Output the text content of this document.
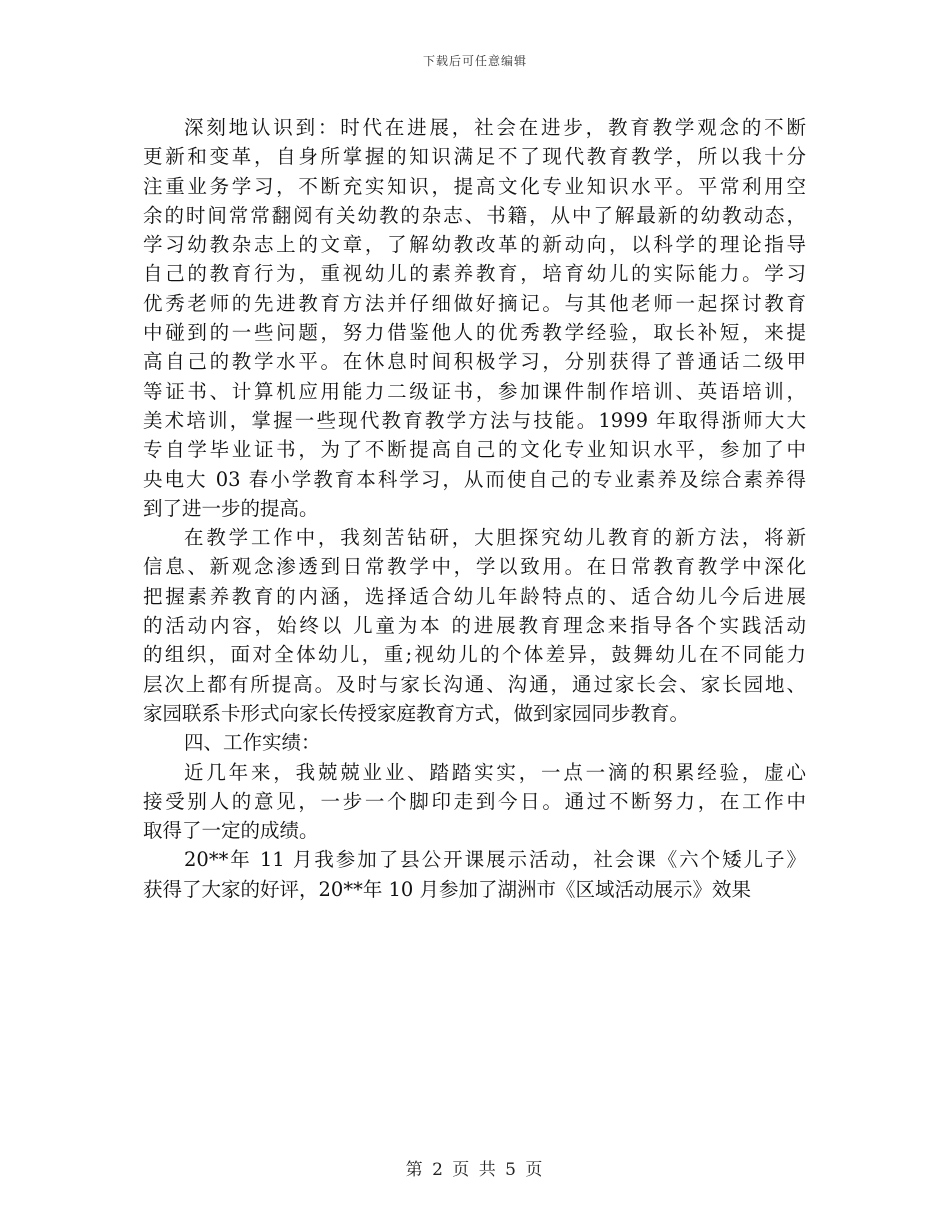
下载后可任意编辑
深刻地认识到：时代在进展，社会在进步，教育教学观念的不断
更新和变革，自身所掌握的知识满足不了现代教育教学，所以我十分
注重业务学习，不断充实知识，提高文化专业知识水平。平常利用空
余的时间常常翻阅有关幼教的杂志、书籍，从中了解最新的幼教动态，
学习幼教杂志上的文章，了解幼教改革的新动向，以科学的理论指导
自己的教育行为，重视幼儿的素养教育，培育幼儿的实际能力。学习
优秀老师的先进教育方法并仔细做好摘记。与其他老师一起探讨教育
中碰到的一些问题，努力借鉴他人的优秀教学经验，取长补短，来提
高自己的教学水平。在休息时间积极学习，分别获得了普通话二级甲
等证书、计算机应用能力二级证书，参加课件制作培训、英语培训，
美术培训，掌握一些现代教育教学方法与技能。1999 年取得浙师大大
专自学毕业证书，为了不断提高自己的文化专业知识水平，参加了中
央电大 03 春小学教育本科学习，从而使自己的专业素养及综合素养得
到了进一步的提高。
在教学工作中，我刻苦钻研，大胆探究幼儿教育的新方法，将新
信息、新观念渗透到日常教学中，学以致用。在日常教育教学中深化
把握素养教育的内涵，选择适合幼儿年龄特点的、适合幼儿今后进展
的活动内容，始终以 儿童为本 的进展教育理念来指导各个实践活动
的组织，面对全体幼儿，重;视幼儿的个体差异，鼓舞幼儿在不同能力
层次上都有所提高。及时与家长沟通、沟通，通过家长会、家长园地、
家园联系卡形式向家长传授家庭教育方式，做到家园同步教育。
四、工作实绩：
近几年来，我兢兢业业、踏踏实实，一点一滴的积累经验，虚心
接受别人的意见，一步一个脚印走到今日。通过不断努力，在工作中
取得了一定的成绩。
20**年 11 月我参加了县公开课展示活动，社会课《六个矮儿子》
获得了大家的好评，20**年 10 月参加了湖洲市《区域活动展示》效果
第 2 页 共 5 页
